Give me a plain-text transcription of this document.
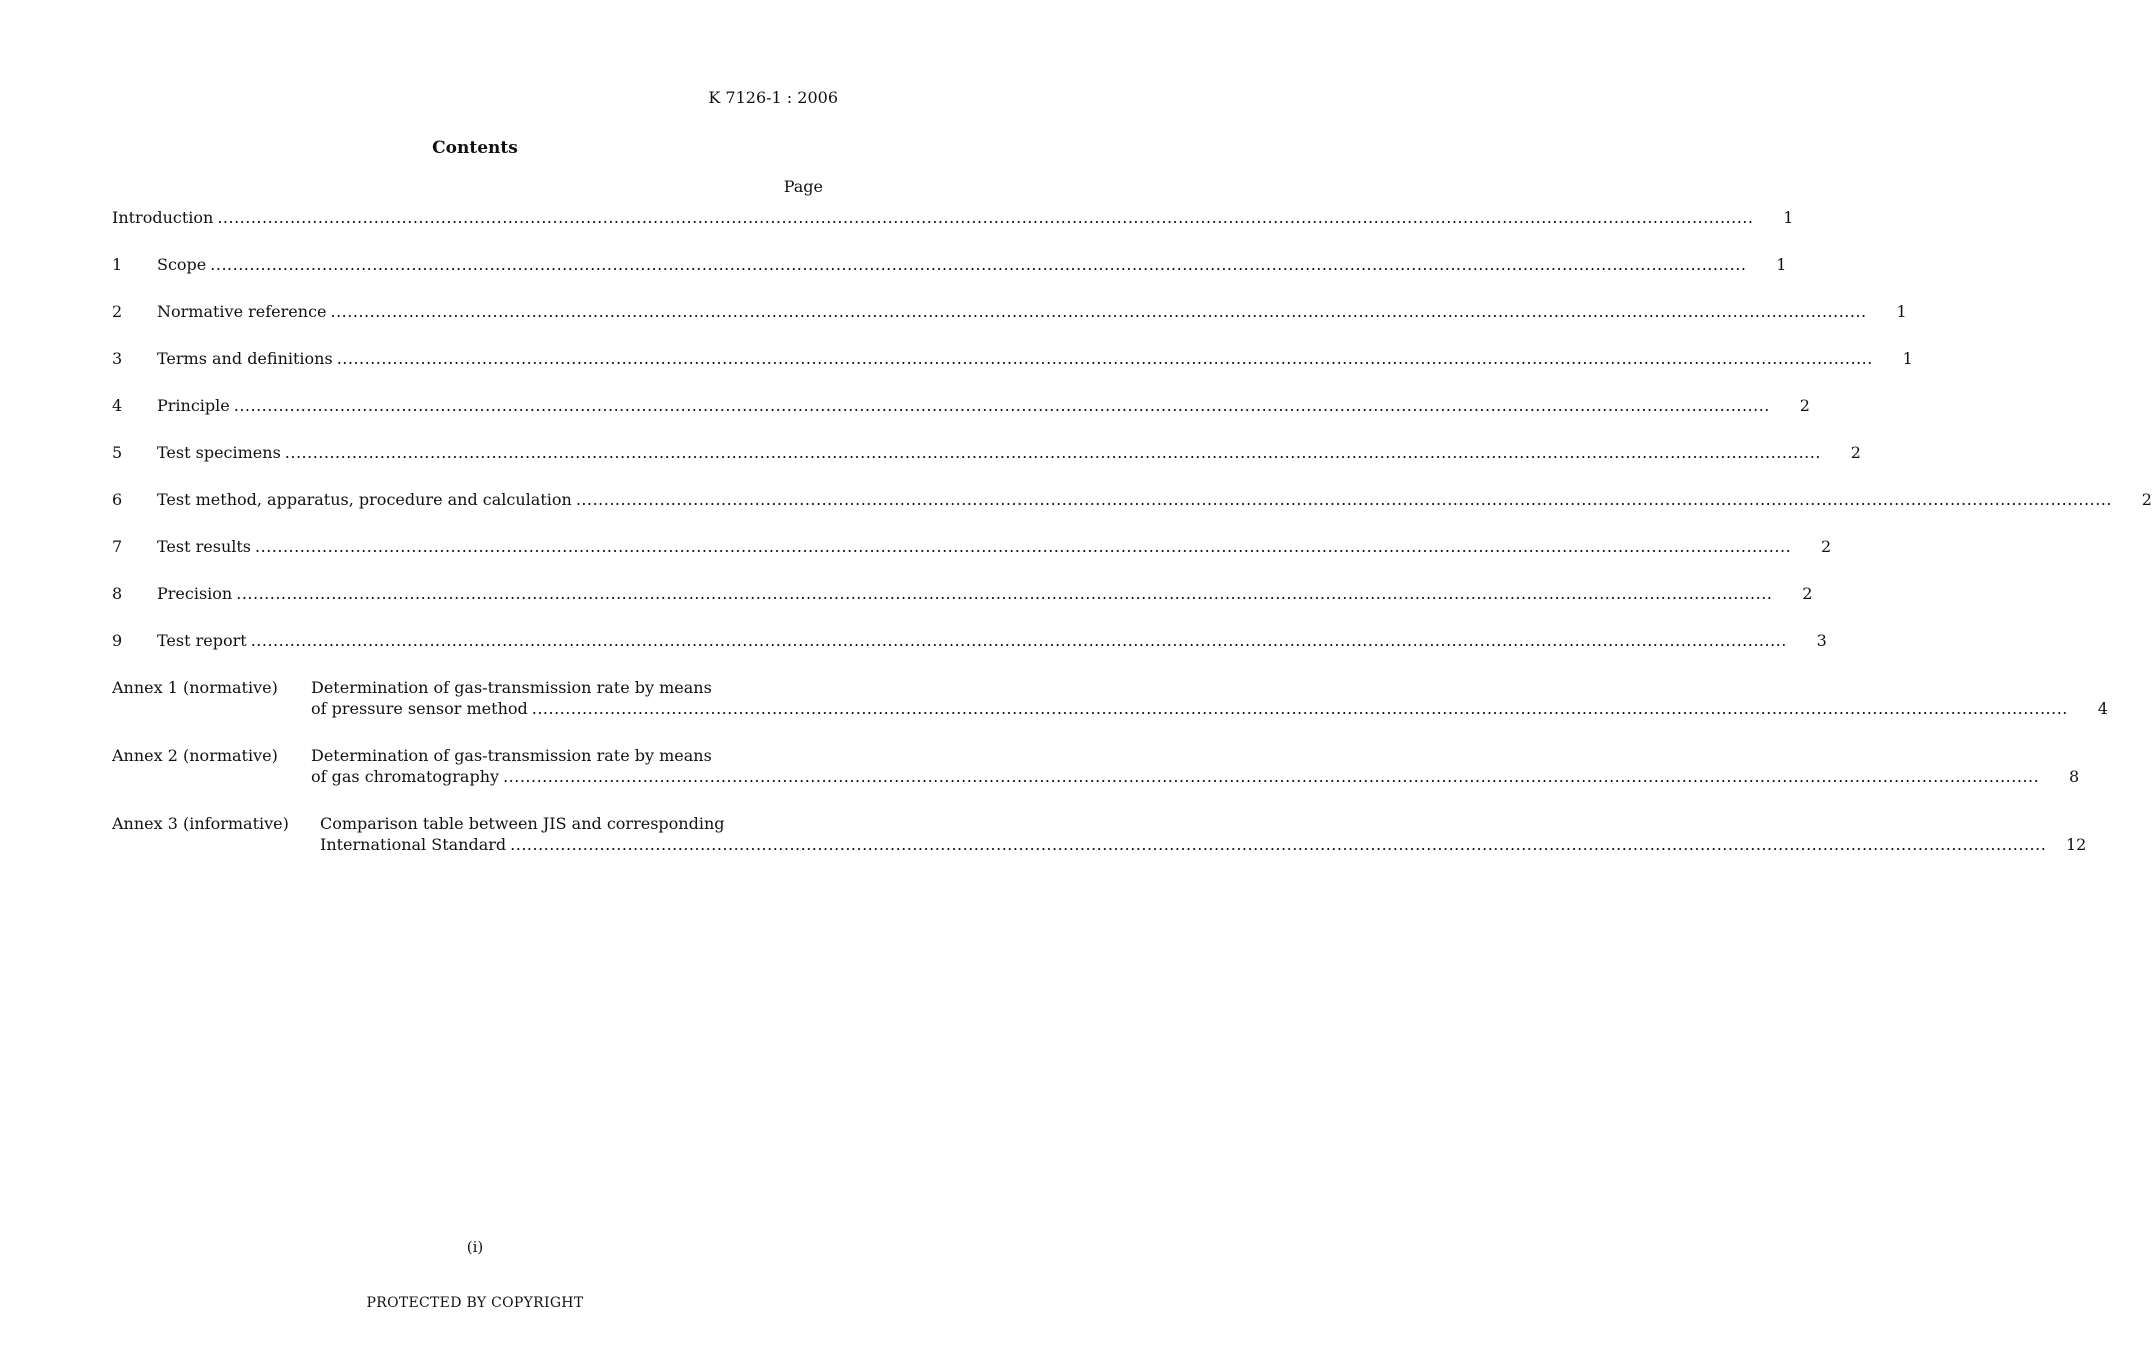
K 7126-1 : 2006
Contents
Page
Introduction .....	1
1	Scope .....	1
2	Normative reference .....	1
3	Terms and definitions .....	1
4	Principle .....	2
5	Test specimens .....	2
6	Test method, apparatus, procedure and calculation .....	2
7	Test results .....	2
8	Precision .....	2
9	Test report .....	3
Annex 1 (normative)	Determination of gas-transmission rate by means
of pressure sensor method .....	4
Annex 2 (normative)	Determination of gas-transmission rate by means
of gas chromatography .....	8
Annex 3 (informative)	Comparison table between JIS and corresponding
International Standard .....	12
(i)
PROTECTED BY COPYRIGHT
